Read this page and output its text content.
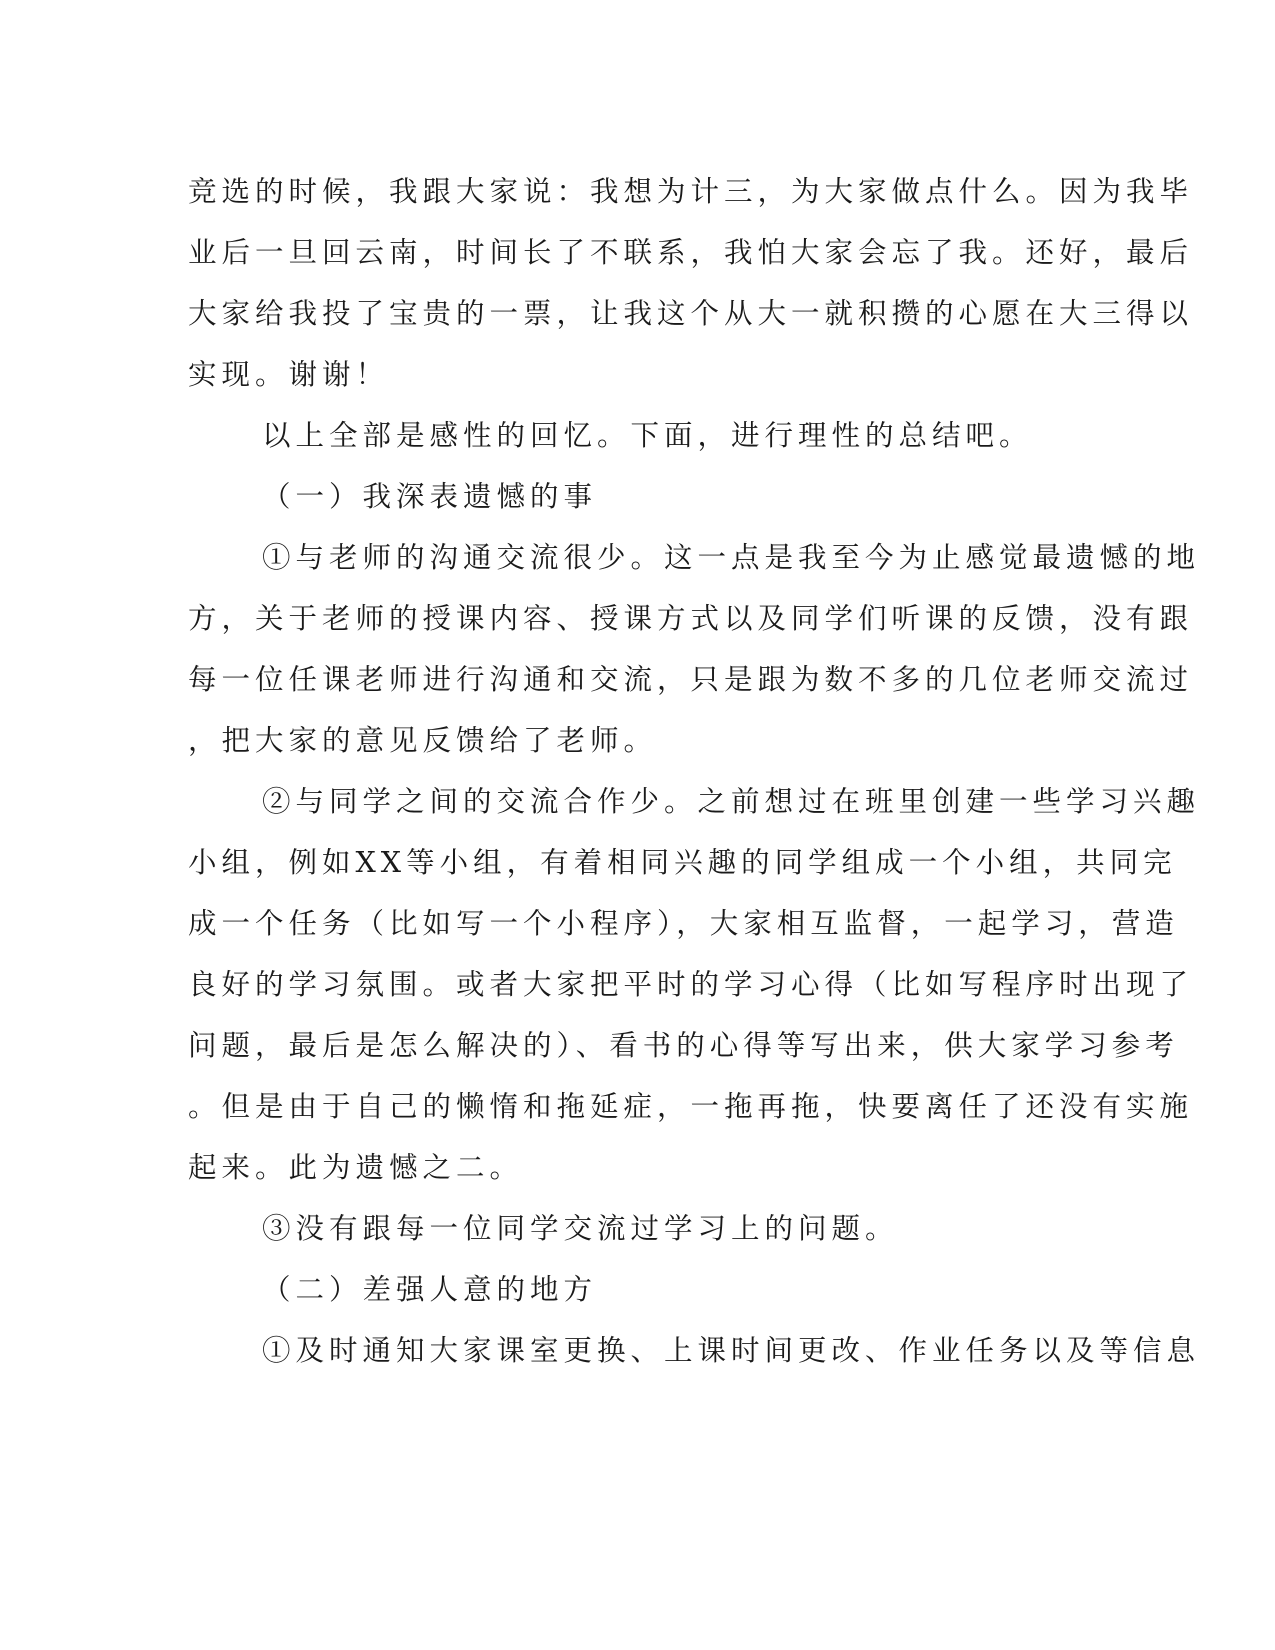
竞选的时候，我跟大家说：我想为计三，为大家做点什么。因为我毕
业后一旦回云南，时间长了不联系，我怕大家会忘了我。还好，最后
大家给我投了宝贵的一票，让我这个从大一就积攒的心愿在大三得以
实现。谢谢！

以上全部是感性的回忆。下面，进行理性的总结吧。

（一）我深表遗憾的事

①与老师的沟通交流很少。这一点是我至今为止感觉最遗憾的地
方，关于老师的授课内容、授课方式以及同学们听课的反馈，没有跟
每一位任课老师进行沟通和交流，只是跟为数不多的几位老师交流过
，把大家的意见反馈给了老师。

②与同学之间的交流合作少。之前想过在班里创建一些学习兴趣
小组，例如XX等小组，有着相同兴趣的同学组成一个小组，共同完
成一个任务（比如写一个小程序），大家相互监督，一起学习，营造
良好的学习氛围。或者大家把平时的学习心得（比如写程序时出现了
问题，最后是怎么解决的）、看书的心得等写出来，供大家学习参考
。但是由于自己的懒惰和拖延症，一拖再拖，快要离任了还没有实施
起来。此为遗憾之二。

③没有跟每一位同学交流过学习上的问题。

（二）差强人意的地方

①及时通知大家课室更换、上课时间更改、作业任务以及等信息
